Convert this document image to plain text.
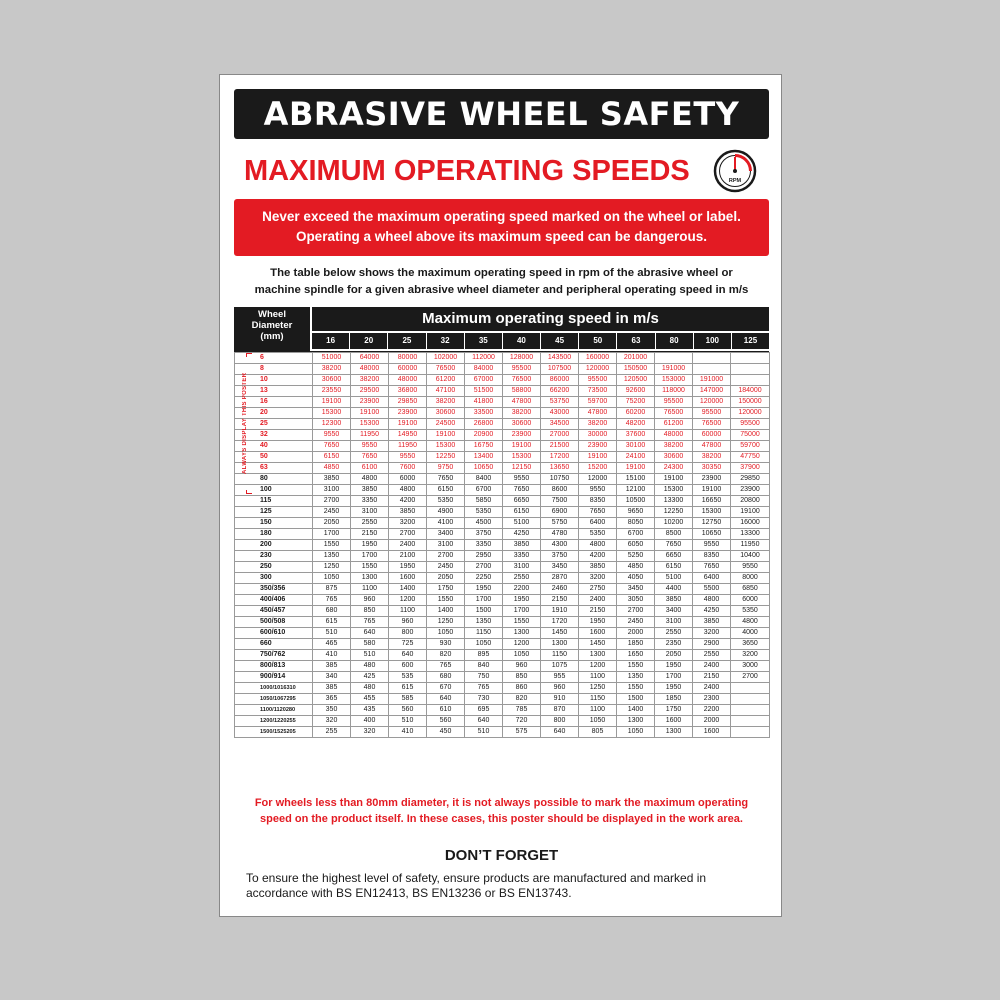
ABRASIVE WHEEL SAFETY
MAXIMUM OPERATING SPEEDS	RPM
Never exceed the maximum operating speed marked on the wheel or label.
Operating a wheel above its maximum speed can be dangerous.
The table below shows the maximum operating speed in rpm of the abrasive wheel or
machine spindle for a given abrasive wheel diameter and peripheral operating speed in m/s
Wheel
Diameter
(mm)
Maximum operating speed in m/s
16	20	25	32	35	40	45	50	63	80	100	125
6	51000	64000	80000	102000	112000	128000	143500	160000	201000			
8	38200	48000	60000	76500	84000	95500	107500	120000	150500	191000		
10	30600	38200	48000	61200	67000	76500	86000	95500	120500	153000	191000	
13	23550	29500	36800	47100	51500	58800	66200	73500	92600	118000	147000	184000
16	19100	23900	29850	38200	41800	47800	53750	59700	75200	95500	120000	150000
20	15300	19100	23900	30600	33500	38200	43000	47800	60200	76500	95500	120000
25	12300	15300	19100	24500	26800	30600	34500	38200	48200	61200	76500	95500
32	9550	11950	14950	19100	20900	23900	27000	30000	37600	48000	60000	75000
40	7650	9550	11950	15300	16750	19100	21500	23900	30100	38200	47800	59700
50	6150	7650	9550	12250	13400	15300	17200	19100	24100	30600	38200	47750
63	4850	6100	7600	9750	10650	12150	13650	15200	19100	24300	30350	37900
80	3850	4800	6000	7650	8400	9550	10750	12000	15100	19100	23900	29850
100	3100	3850	4800	6150	6700	7650	8600	9550	12100	15300	19100	23900
115	2700	3350	4200	5350	5850	6650	7500	8350	10500	13300	16650	20800
125	2450	3100	3850	4900	5350	6150	6900	7650	9650	12250	15300	19100
150	2050	2550	3200	4100	4500	5100	5750	6400	8050	10200	12750	16000
180	1700	2150	2700	3400	3750	4250	4780	5350	6700	8500	10650	13300
200	1550	1950	2400	3100	3350	3850	4300	4800	6050	7650	9550	11950
230	1350	1700	2100	2700	2950	3350	3750	4200	5250	6650	8350	10400
250	1250	1550	1950	2450	2700	3100	3450	3850	4850	6150	7650	9550
300	1050	1300	1600	2050	2250	2550	2870	3200	4050	5100	6400	8000
350/356	875	1100	1400	1750	1950	2200	2460	2750	3450	4400	5500	6850
400/406	765	960	1200	1550	1700	1950	2150	2400	3050	3850	4800	6000
450/457	680	850	1100	1400	1500	1700	1910	2150	2700	3400	4250	5350
500/508	615	765	960	1250	1350	1550	1720	1950	2450	3100	3850	4800
600/610	510	640	800	1050	1150	1300	1450	1600	2000	2550	3200	4000
660	465	580	725	930	1050	1200	1300	1450	1850	2350	2900	3650
750/762	410	510	640	820	895	1050	1150	1300	1650	2050	2550	3200
800/813	385	480	600	765	840	960	1075	1200	1550	1950	2400	3000
900/914	340	425	535	680	750	850	955	1100	1350	1700	2150	2700
1000/1016310	385	480	615	670	765	860	960	1250	1550	1950	2400	
1050/1067295	365	455	585	640	730	820	910	1150	1500	1850	2300	
1100/1120280	350	435	560	610	695	785	870	1100	1400	1750	2200	
1200/1220255	320	400	510	560	640	720	800	1050	1300	1600	2000	
1500/1525205	255	320	410	450	510	575	640	805	1050	1300	1600	
ALWAYS DISPLAY THIS POSTER
For wheels less than 80mm diameter, it is not always possible to mark the maximum operating
speed on the product itself. In these cases, this poster should be displayed in the work area.
DON’T FORGET
To ensure the highest level of safety, ensure products are manufactured and marked in
accordance with BS EN12413, BS EN13236 or BS EN13743.
